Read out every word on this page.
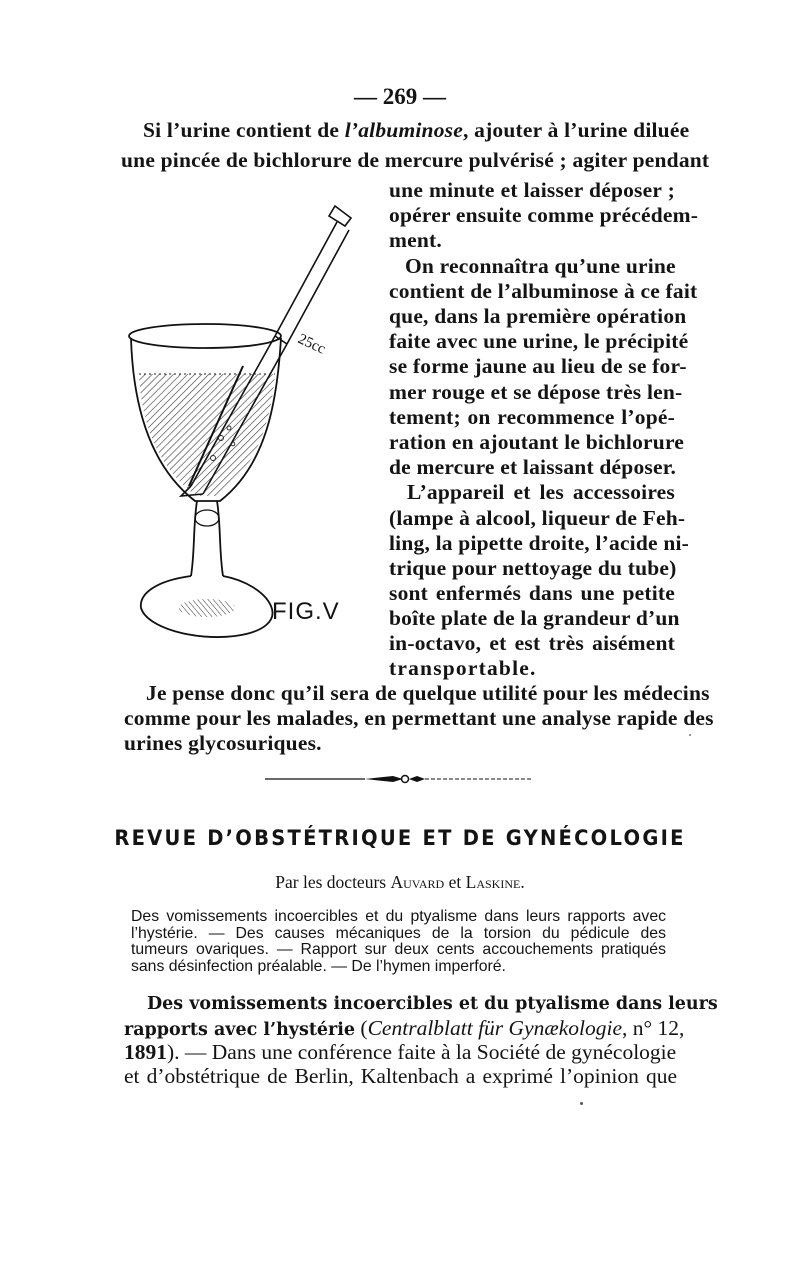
— 269 —
Si l’urine contient de l’albuminose, ajouter à l’urine diluée
une pincée de bichlorure de mercure pulvérisé ; agiter pendant
25cc
FIG.V
une minute et laisser déposer ;
opérer ensuite comme précédem-
ment.
On reconnaîtra qu’une urine
contient de l’albuminose à ce fait
que, dans la première opération
faite avec une urine, le précipité
se forme jaune au lieu de se for-
mer rouge et se dépose très len-
tement; on recommence l’opé-
ration en ajoutant le bichlorure
de mercure et laissant déposer.
L’appareil et les accessoires
(lampe à alcool, liqueur de Feh-
ling, la pipette droite, l’acide ni-
trique pour nettoyage du tube)
sont enfermés dans une petite
boîte plate de la grandeur d’un
in-octavo, et est très aisément
transportable.
Je pense donc qu’il sera de quelque utilité pour les médecins
comme pour les malades, en permettant une analyse rapide des
urines glycosuriques.
REVUE D’OBSTÉTRIQUE ET DE GYNÉCOLOGIE
Par les docteurs Auvard et Laskine.
Des vomissements incoercibles et du ptyalisme dans leurs rapports avec
l’hystérie. — Des causes mécaniques de la torsion du pédicule des
tumeurs ovariques. — Rapport sur deux cents accouchements pratiqués
sans désinfection préalable. — De l’hymen imperforé.
Des vomissements incoercibles et du ptyalisme dans leurs
rapports avec l’hystérie (Centralblatt für Gynækologie, n° 12,
1891). — Dans une conférence faite à la Société de gynécologie
et d’obstétrique de Berlin, Kaltenbach a exprimé l’opinion que
